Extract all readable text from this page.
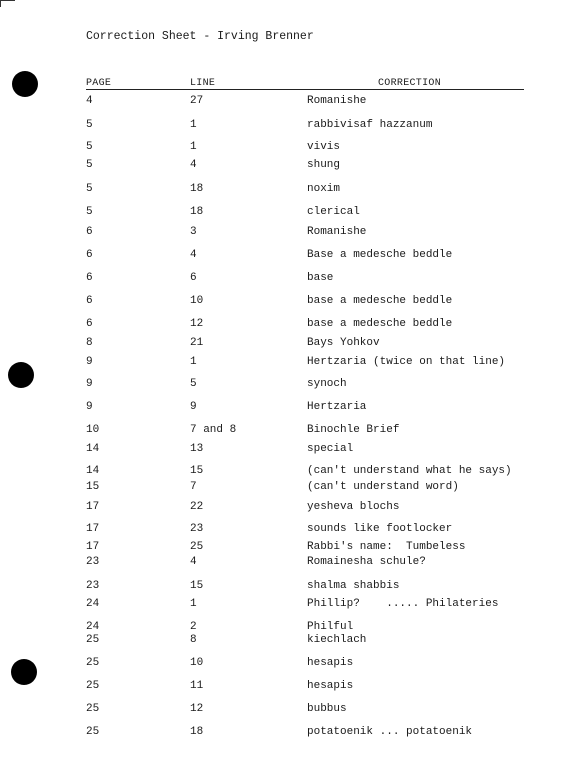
Correction Sheet - Irving Brenner
PAGE	LINE	CORRECTION
4	27	Romanishe
5	1	rabbivisaf hazzanum
5	1	vivis
5	4	shung
5	18	noxim
5	18	clerical
6	3	Romanishe
6	4	Base a medesche beddle
6	6	base
6	10	base a medesche beddle
6	12	base a medesche beddle
8	21	Bays Yohkov
9	1	Hertzaria (twice on that line)
9	5	synoch
9	9	Hertzaria
10	7 and 8	Binochle Brief
14	13	special
14	15	(can't understand what he says)
15	7	(can't understand word)
17	22	yesheva blochs
17	23	sounds like footlocker
17	25	Rabbi's name:  Tumbeless
23	4	Romainesha schule?
23	15	shalma shabbis
24	1	Phillip?    ..... Philateries
24	2	Philful
25	8	kiechlach
25	10	hesapis
25	11	hesapis
25	12	bubbus
25	18	potatoenik ... potatoenik
